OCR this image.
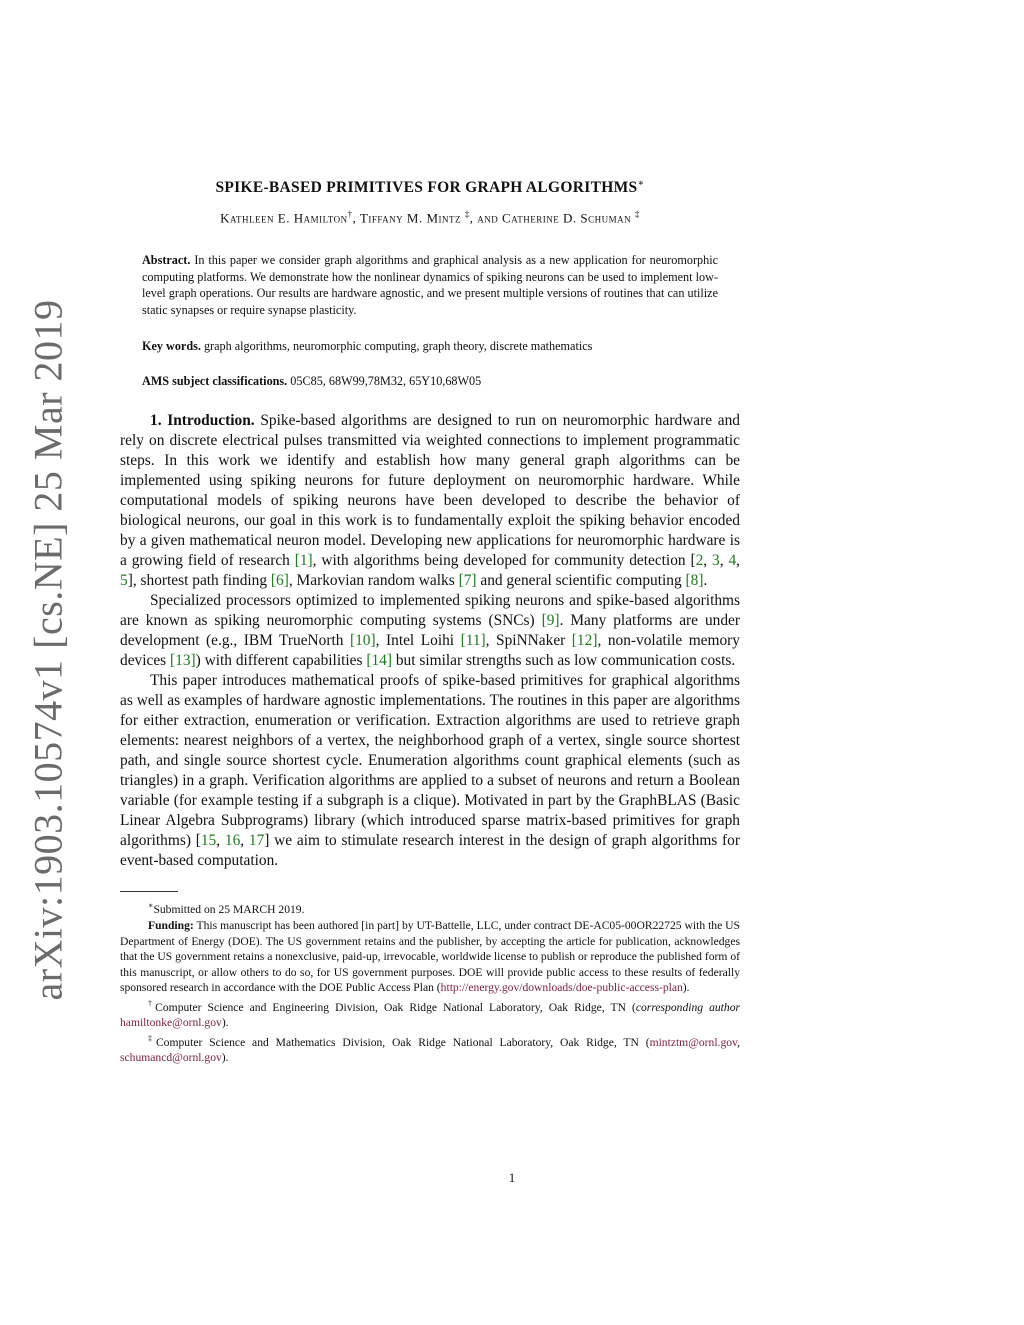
arXiv:1903.10574v1 [cs.NE] 25 Mar 2019
SPIKE-BASED PRIMITIVES FOR GRAPH ALGORITHMS∗
Kathleen E. Hamilton†, Tiffany M. Mintz ‡, and Catherine D. Schuman ‡
Abstract. In this paper we consider graph algorithms and graphical analysis as a new application for neuromorphic computing platforms. We demonstrate how the nonlinear dynamics of spiking neurons can be used to implement low-level graph operations. Our results are hardware agnostic, and we present multiple versions of routines that can utilize static synapses or require synapse plasticity.
Key words. graph algorithms, neuromorphic computing, graph theory, discrete mathematics
AMS subject classifications. 05C85, 68W99,78M32, 65Y10,68W05

1. Introduction. Spike-based algorithms are designed to run on neuromorphic hardware and rely on discrete electrical pulses transmitted via weighted connections to implement programmatic steps. In this work we identify and establish how many general graph algorithms can be implemented using spiking neurons for future deployment on neuromorphic hardware. While computational models of spiking neurons have been developed to describe the behavior of biological neurons, our goal in this work is to fundamentally exploit the spiking behavior encoded by a given mathematical neuron model. Developing new applications for neuromorphic hardware is a growing field of research [1], with algorithms being developed for community detection [2, 3, 4, 5], shortest path finding [6], Markovian random walks [7] and general scientific computing [8].

Specialized processors optimized to implemented spiking neurons and spike-based algorithms are known as spiking neuromorphic computing systems (SNCs) [9]. Many platforms are under development (e.g., IBM TrueNorth [10], Intel Loihi [11], SpiNNaker [12], non-volatile memory devices [13]) with different capabilities [14] but similar strengths such as low communication costs.

This paper introduces mathematical proofs of spike-based primitives for graphical algorithms as well as examples of hardware agnostic implementations. The routines in this paper are algorithms for either extraction, enumeration or verification. Extraction algorithms are used to retrieve graph elements: nearest neighbors of a vertex, the neighborhood graph of a vertex, single source shortest path, and single source shortest cycle. Enumeration algorithms count graphical elements (such as triangles) in a graph. Verification algorithms are applied to a subset of neurons and return a Boolean variable (for example testing if a subgraph is a clique). Motivated in part by the GraphBLAS (Basic Linear Algebra Subprograms) library (which introduced sparse matrix-based primitives for graph algorithms) [15, 16, 17] we aim to stimulate research interest in the design of graph algorithms for event-based computation.

∗Submitted on 25 MARCH 2019.

Funding: This manuscript has been authored [in part] by UT-Battelle, LLC, under contract DE-AC05-00OR22725 with the US Department of Energy (DOE). The US government retains and the publisher, by accepting the article for publication, acknowledges that the US government retains a nonexclusive, paid-up, irrevocable, worldwide license to publish or reproduce the published form of this manuscript, or allow others to do so, for US government purposes. DOE will provide public access to these results of federally sponsored research in accordance with the DOE Public Access Plan (http://energy.gov/downloads/doe-public-access-plan).

†Computer Science and Engineering Division, Oak Ridge National Laboratory, Oak Ridge, TN (corresponding author hamiltonke@ornl.gov).

‡Computer Science and Mathematics Division, Oak Ridge National Laboratory, Oak Ridge, TN (mintztm@ornl.gov, schumancd@ornl.gov).

1
